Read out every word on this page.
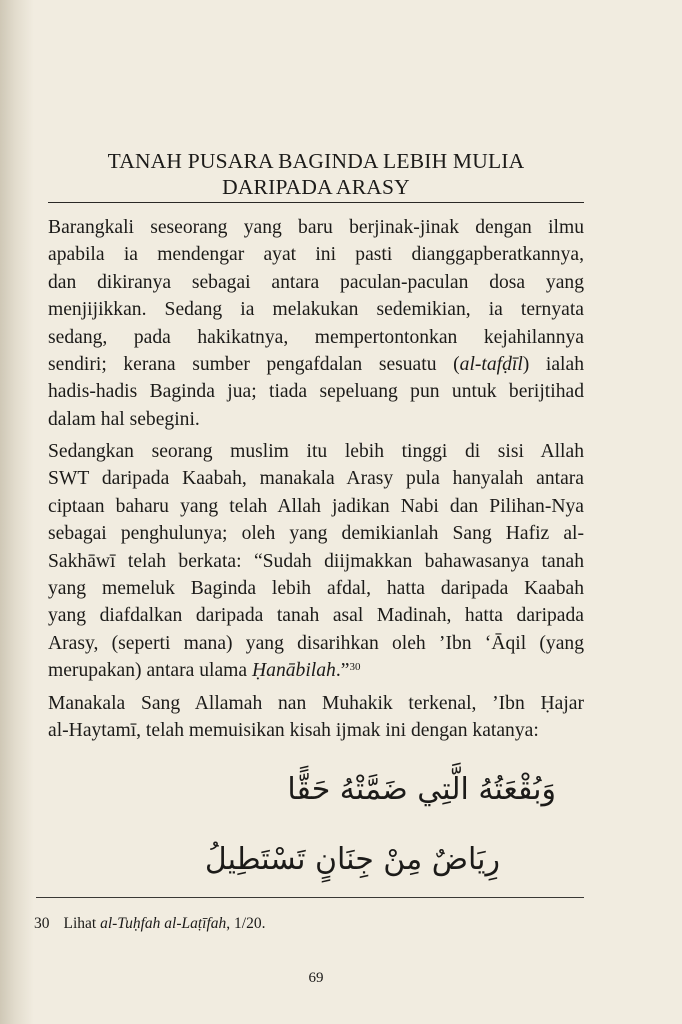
TANAH PUSARA BAGINDA LEBIH MULIA
DARIPADA ARASY

Barangkali seseorang yang baru berjinak-jinak dengan ilmu
apabila ia mendengar ayat ini pasti dianggapberatkannya,
dan dikiranya sebagai antara paculan-paculan dosa yang
menjijikkan. Sedang ia melakukan sedemikian, ia ternyata
sedang, pada hakikatnya, mempertontonkan kejahilannya
sendiri; kerana sumber pengafdalan sesuatu (al-tafḍīl) ialah
hadis-hadis Baginda jua; tiada sepeluang pun untuk berijtihad
dalam hal sebegini.

Sedangkan seorang muslim itu lebih tinggi di sisi Allah
SWT daripada Kaabah, manakala Arasy pula hanyalah antara
ciptaan baharu yang telah Allah jadikan Nabi dan Pilihan-Nya
sebagai penghulunya; oleh yang demikianlah Sang Hafiz al-
Sakhāwī telah berkata: “Sudah diijmakkan bahawasanya tanah
yang memeluk Baginda lebih afdal, hatta daripada Kaabah
yang diafdalkan daripada tanah asal Madinah, hatta daripada
Arasy, (seperti mana) yang disarihkan oleh ’Ibn ‘Āqil (yang
merupakan) antara ulama Ḥanābilah.”$^{30}$

Manakala Sang Allamah nan Muhakik terkenal, ’Ibn Ḥajar
al-Haytamī, telah memuisikan kisah ijmak ini dengan katanya:

وَبُقْعَتُهُ الَّتِي ضَمَّتْهُ حَقًّا
رِيَاضٌ مِنْ جِنَانٍ تَسْتَطِيلُ
30 Lihat al-Tuḥfah al-Laṭīfah, 1/20.
69
